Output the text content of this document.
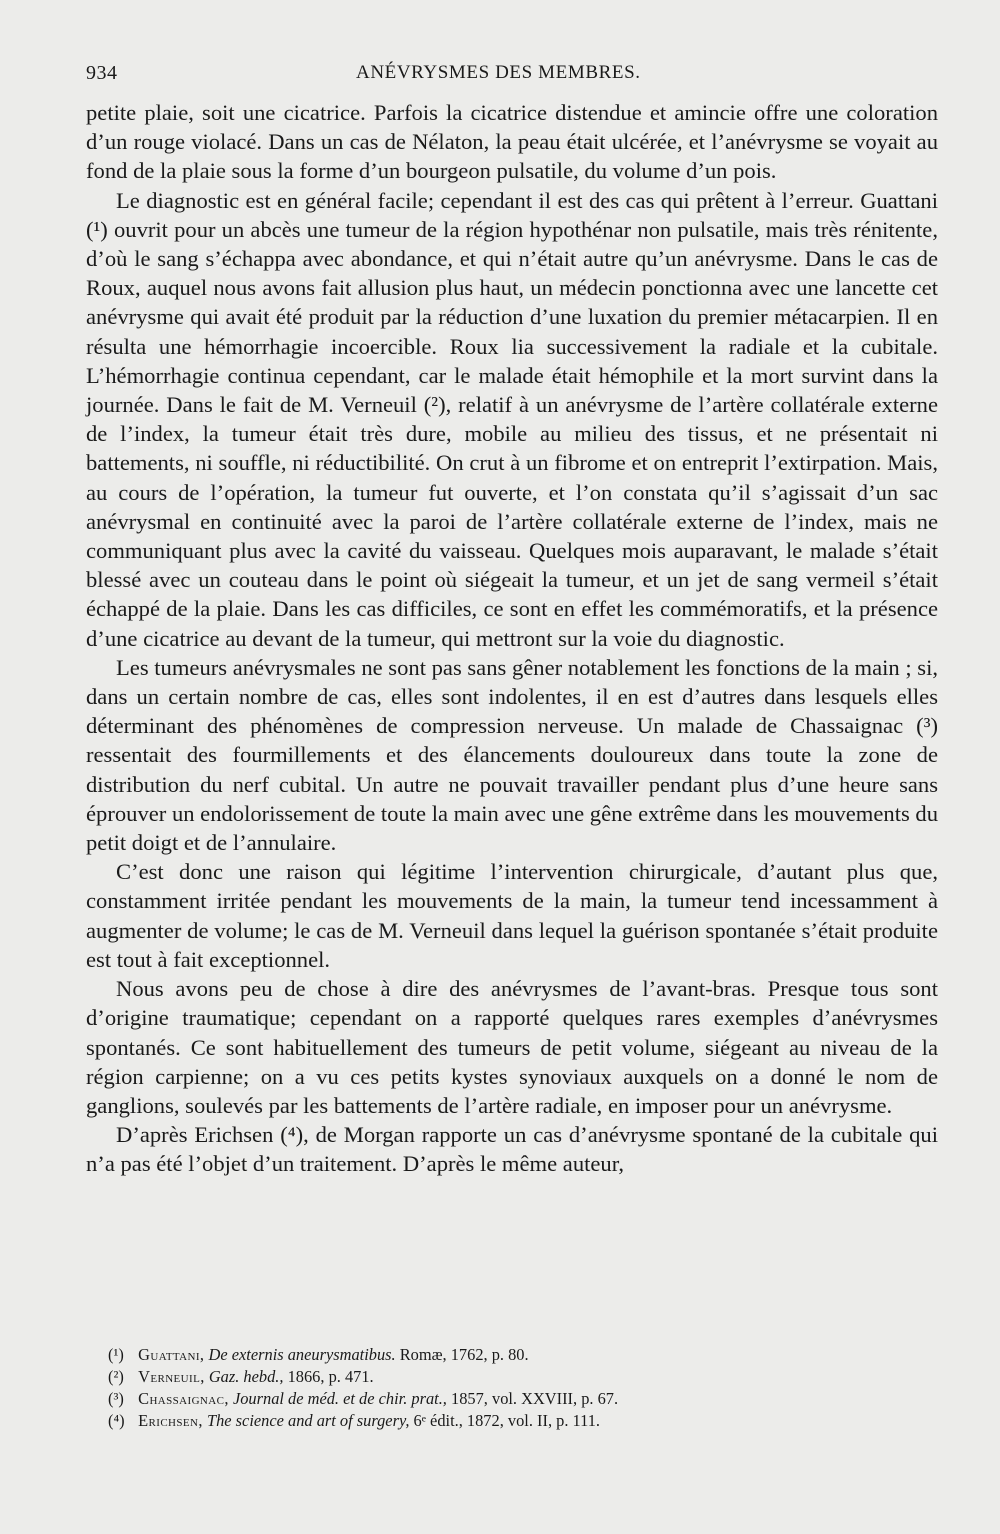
934	ANÉVRYSMES DES MEMBRES.

petite plaie, soit une cicatrice. Parfois la cicatrice distendue et amincie offre une coloration d’un rouge violacé. Dans un cas de Nélaton, la peau était ulcérée, et l’anévrysme se voyait au fond de la plaie sous la forme d’un bourgeon pulsatile, du volume d’un pois.

Le diagnostic est en général facile; cependant il est des cas qui prêtent à l’erreur. Guattani (¹) ouvrit pour un abcès une tumeur de la région hypothénar non pulsatile, mais très rénitente, d’où le sang s’échappa avec abondance, et qui n’était autre qu’un anévrysme. Dans le cas de Roux, auquel nous avons fait allusion plus haut, un médecin ponctionna avec une lancette cet anévrysme qui avait été produit par la réduction d’une luxation du premier métacarpien. Il en résulta une hémorrhagie incoercible. Roux lia successivement la radiale et la cubitale. L’hémorrhagie continua cependant, car le malade était hémophile et la mort survint dans la journée. Dans le fait de M. Verneuil (²), relatif à un anévrysme de l’artère collatérale externe de l’index, la tumeur était très dure, mobile au milieu des tissus, et ne présentait ni battements, ni souffle, ni réductibilité. On crut à un fibrome et on entreprit l’extirpation. Mais, au cours de l’opération, la tumeur fut ouverte, et l’on constata qu’il s’agissait d’un sac anévrysmal en continuité avec la paroi de l’artère collatérale externe de l’index, mais ne communiquant plus avec la cavité du vaisseau. Quelques mois auparavant, le malade s’était blessé avec un couteau dans le point où siégeait la tumeur, et un jet de sang vermeil s’était échappé de la plaie. Dans les cas difficiles, ce sont en effet les commémoratifs, et la présence d’une cicatrice au devant de la tumeur, qui mettront sur la voie du diagnostic.

Les tumeurs anévrysmales ne sont pas sans gêner notablement les fonctions de la main ; si, dans un certain nombre de cas, elles sont indolentes, il en est d’autres dans lesquels elles déterminant des phénomènes de compression nerveuse. Un malade de Chassaignac (³) ressentait des fourmillements et des élancements douloureux dans toute la zone de distribution du nerf cubital. Un autre ne pouvait travailler pendant plus d’une heure sans éprouver un endolorissement de toute la main avec une gêne extrême dans les mouvements du petit doigt et de l’annulaire.

C’est donc une raison qui légitime l’intervention chirurgicale, d’autant plus que, constamment irritée pendant les mouvements de la main, la tumeur tend incessamment à augmenter de volume; le cas de M. Verneuil dans lequel la guérison spontanée s’était produite est tout à fait exceptionnel.

Nous avons peu de chose à dire des anévrysmes de l’avant-bras. Presque tous sont d’origine traumatique; cependant on a rapporté quelques rares exemples d’anévrysmes spontanés. Ce sont habituellement des tumeurs de petit volume, siégeant au niveau de la région carpienne; on a vu ces petits kystes synoviaux auxquels on a donné le nom de ganglions, soulevés par les battements de l’artère radiale, en imposer pour un anévrysme.

D’après Erichsen (⁴), de Morgan rapporte un cas d’anévrysme spontané de la cubitale qui n’a pas été l’objet d’un traitement. D’après le même auteur,

(¹) Guattani, De externis aneurysmatibus. Romæ, 1762, p. 80.
(²) Verneuil, Gaz. hebd., 1866, p. 471.
(³) Chassaignac, Journal de méd. et de chir. prat., 1857, vol. XXVIII, p. 67.
(⁴) Erichsen, The science and art of surgery, 6ᵉ édit., 1872, vol. II, p. 111.
